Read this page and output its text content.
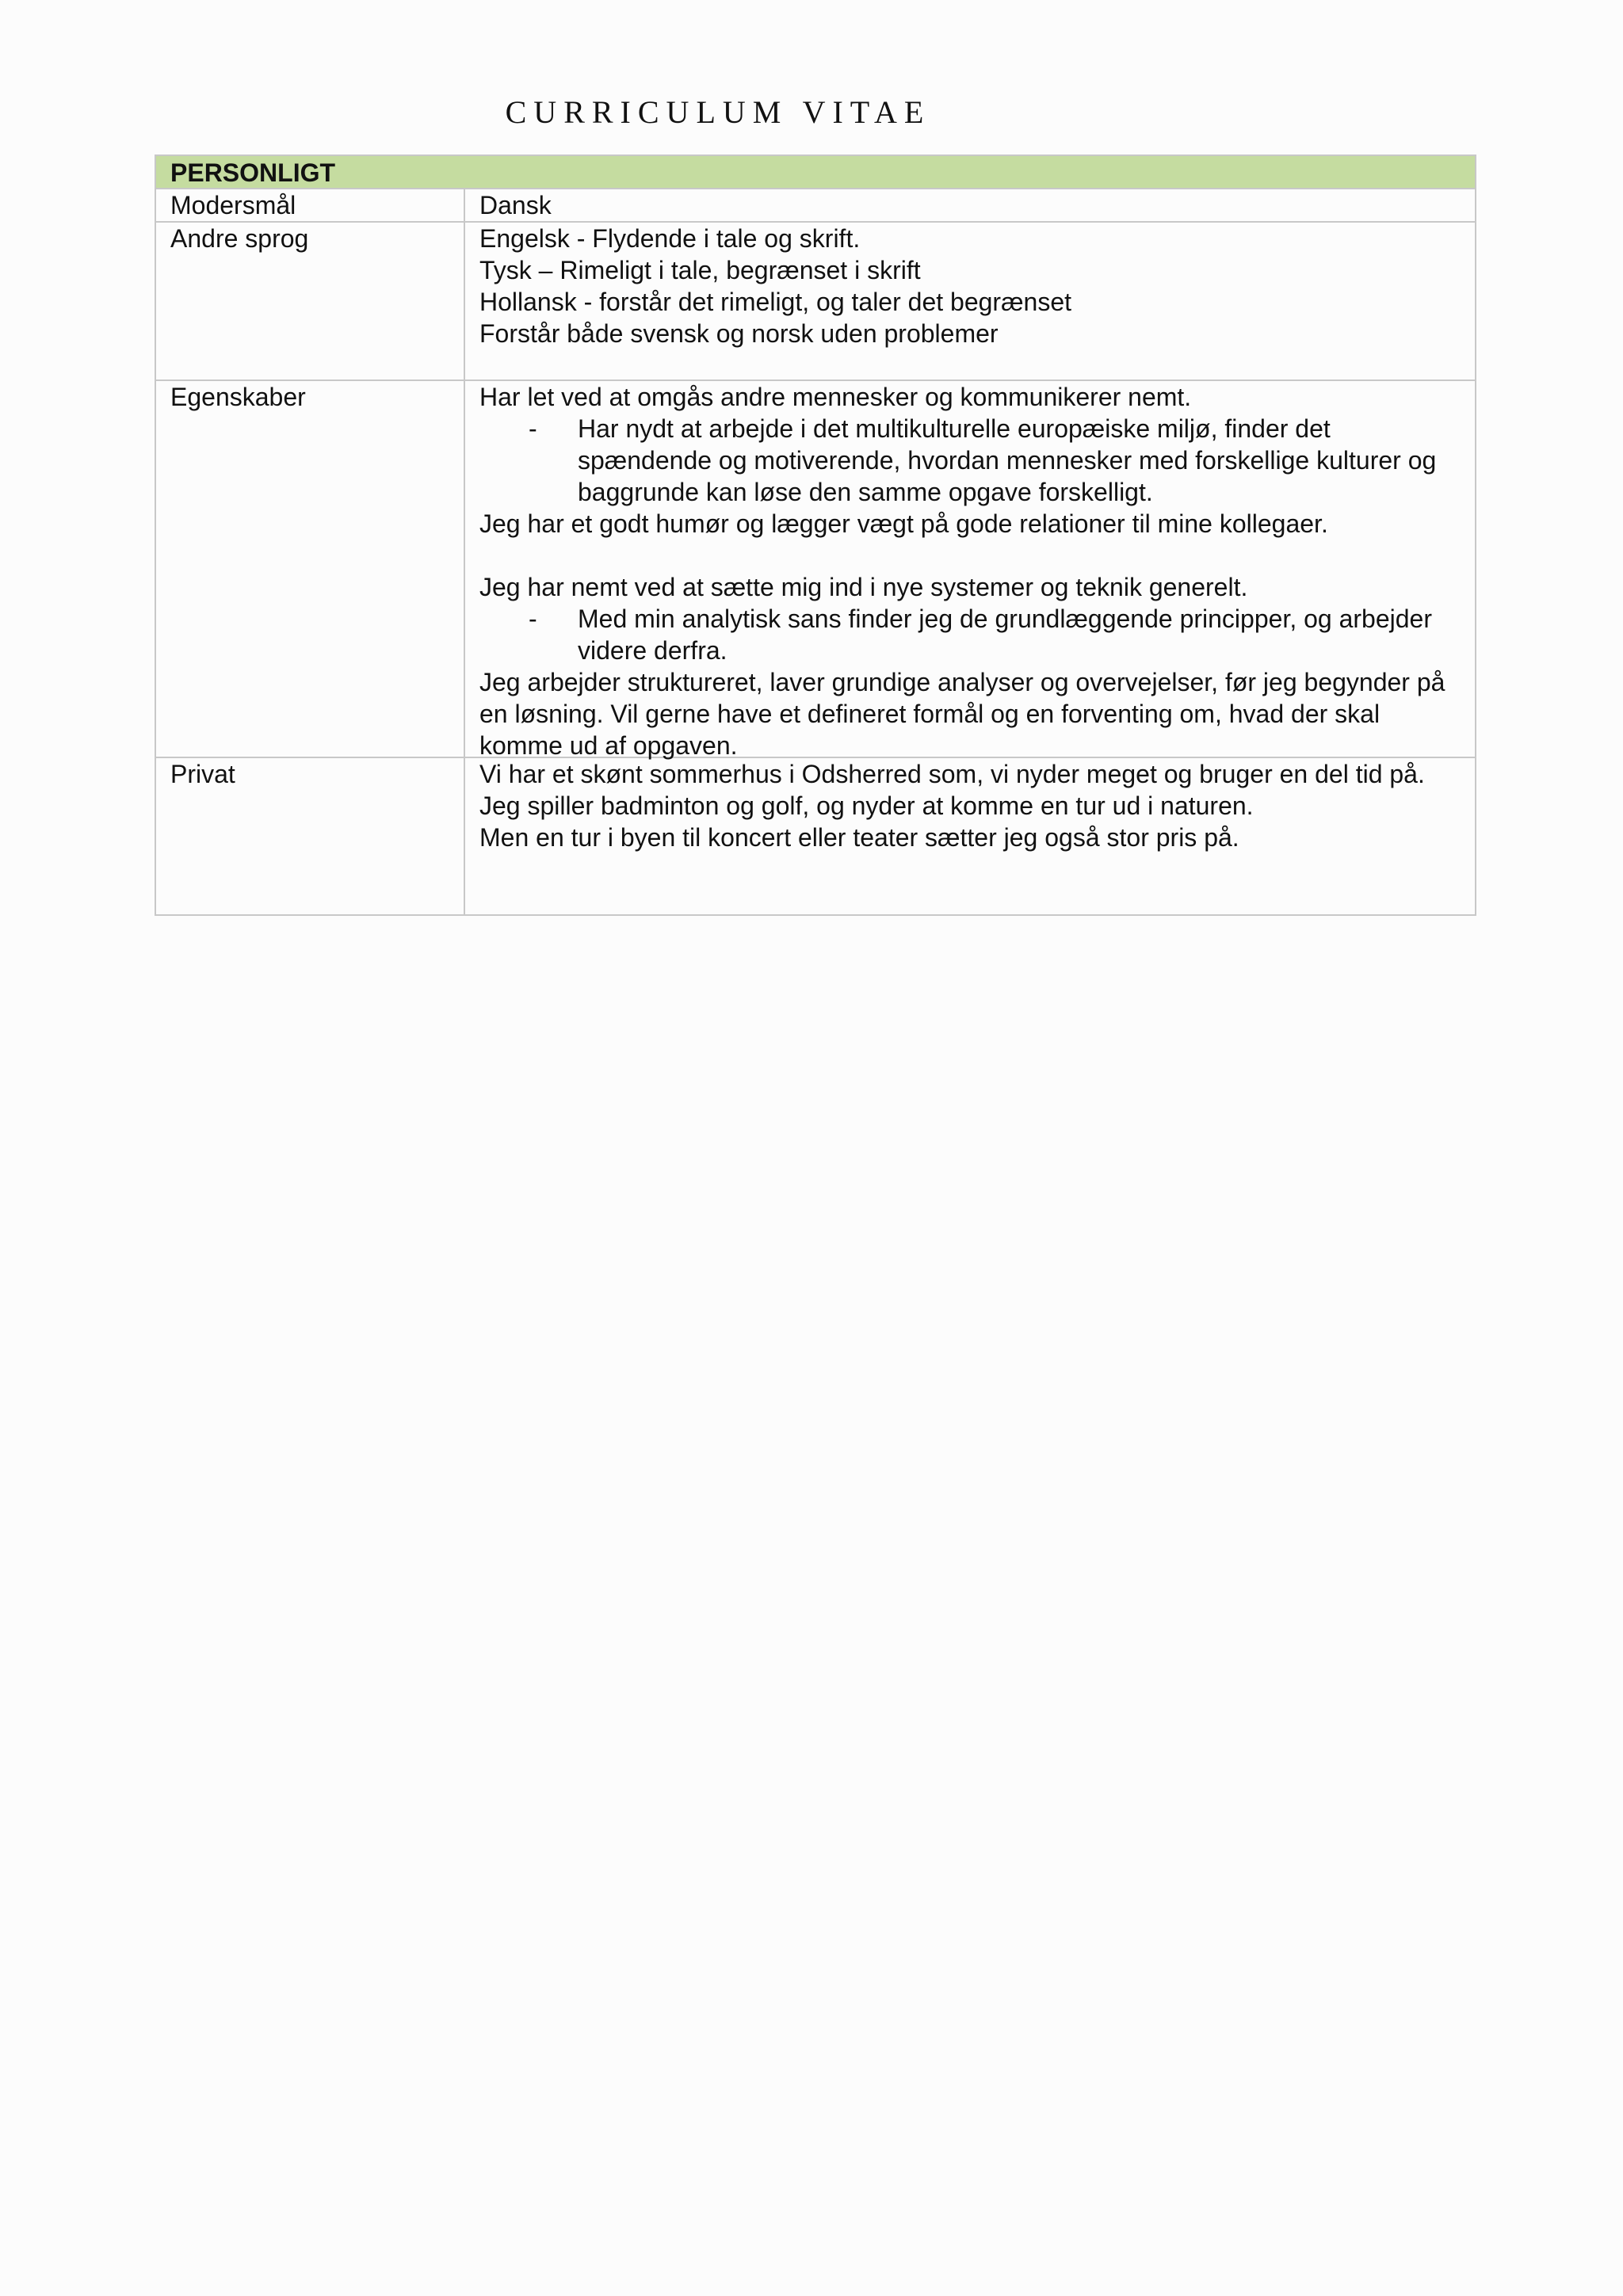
CURRICULUM VITAE
PERSONLIGT
Modersmål	Dansk
Andre sprog	Engelsk - Flydende i tale og skrift.
Tysk – Rimeligt i tale, begrænset i skrift
Hollansk - forstår det rimeligt, og taler det begrænset
Forstår både svensk og norsk uden problemer
Egenskaber	Har let ved at omgås andre mennesker og kommunikerer nemt.
-	Har nydt at arbejde i det multikulturelle europæiske miljø, finder det spændende og motiverende, hvordan mennesker med forskellige kulturer og baggrunde kan løse den samme opgave forskelligt.
Jeg har et godt humør og lægger vægt på gode relationer til mine kollegaer.
Jeg har nemt ved at sætte mig ind i nye systemer og teknik generelt.
-	Med min analytisk sans finder jeg de grundlæggende principper, og arbejder videre derfra.
Jeg arbejder struktureret, laver grundige analyser og overvejelser, før jeg begynder på en løsning. Vil gerne have et defineret formål og en forventing om, hvad der skal komme ud af opgaven.
Privat	Vi har et skønt sommerhus i Odsherred som, vi nyder meget og bruger en del tid på.
Jeg spiller badminton og golf, og nyder at komme en tur ud i naturen.
Men en tur i byen til koncert eller teater sætter jeg også stor pris på.
